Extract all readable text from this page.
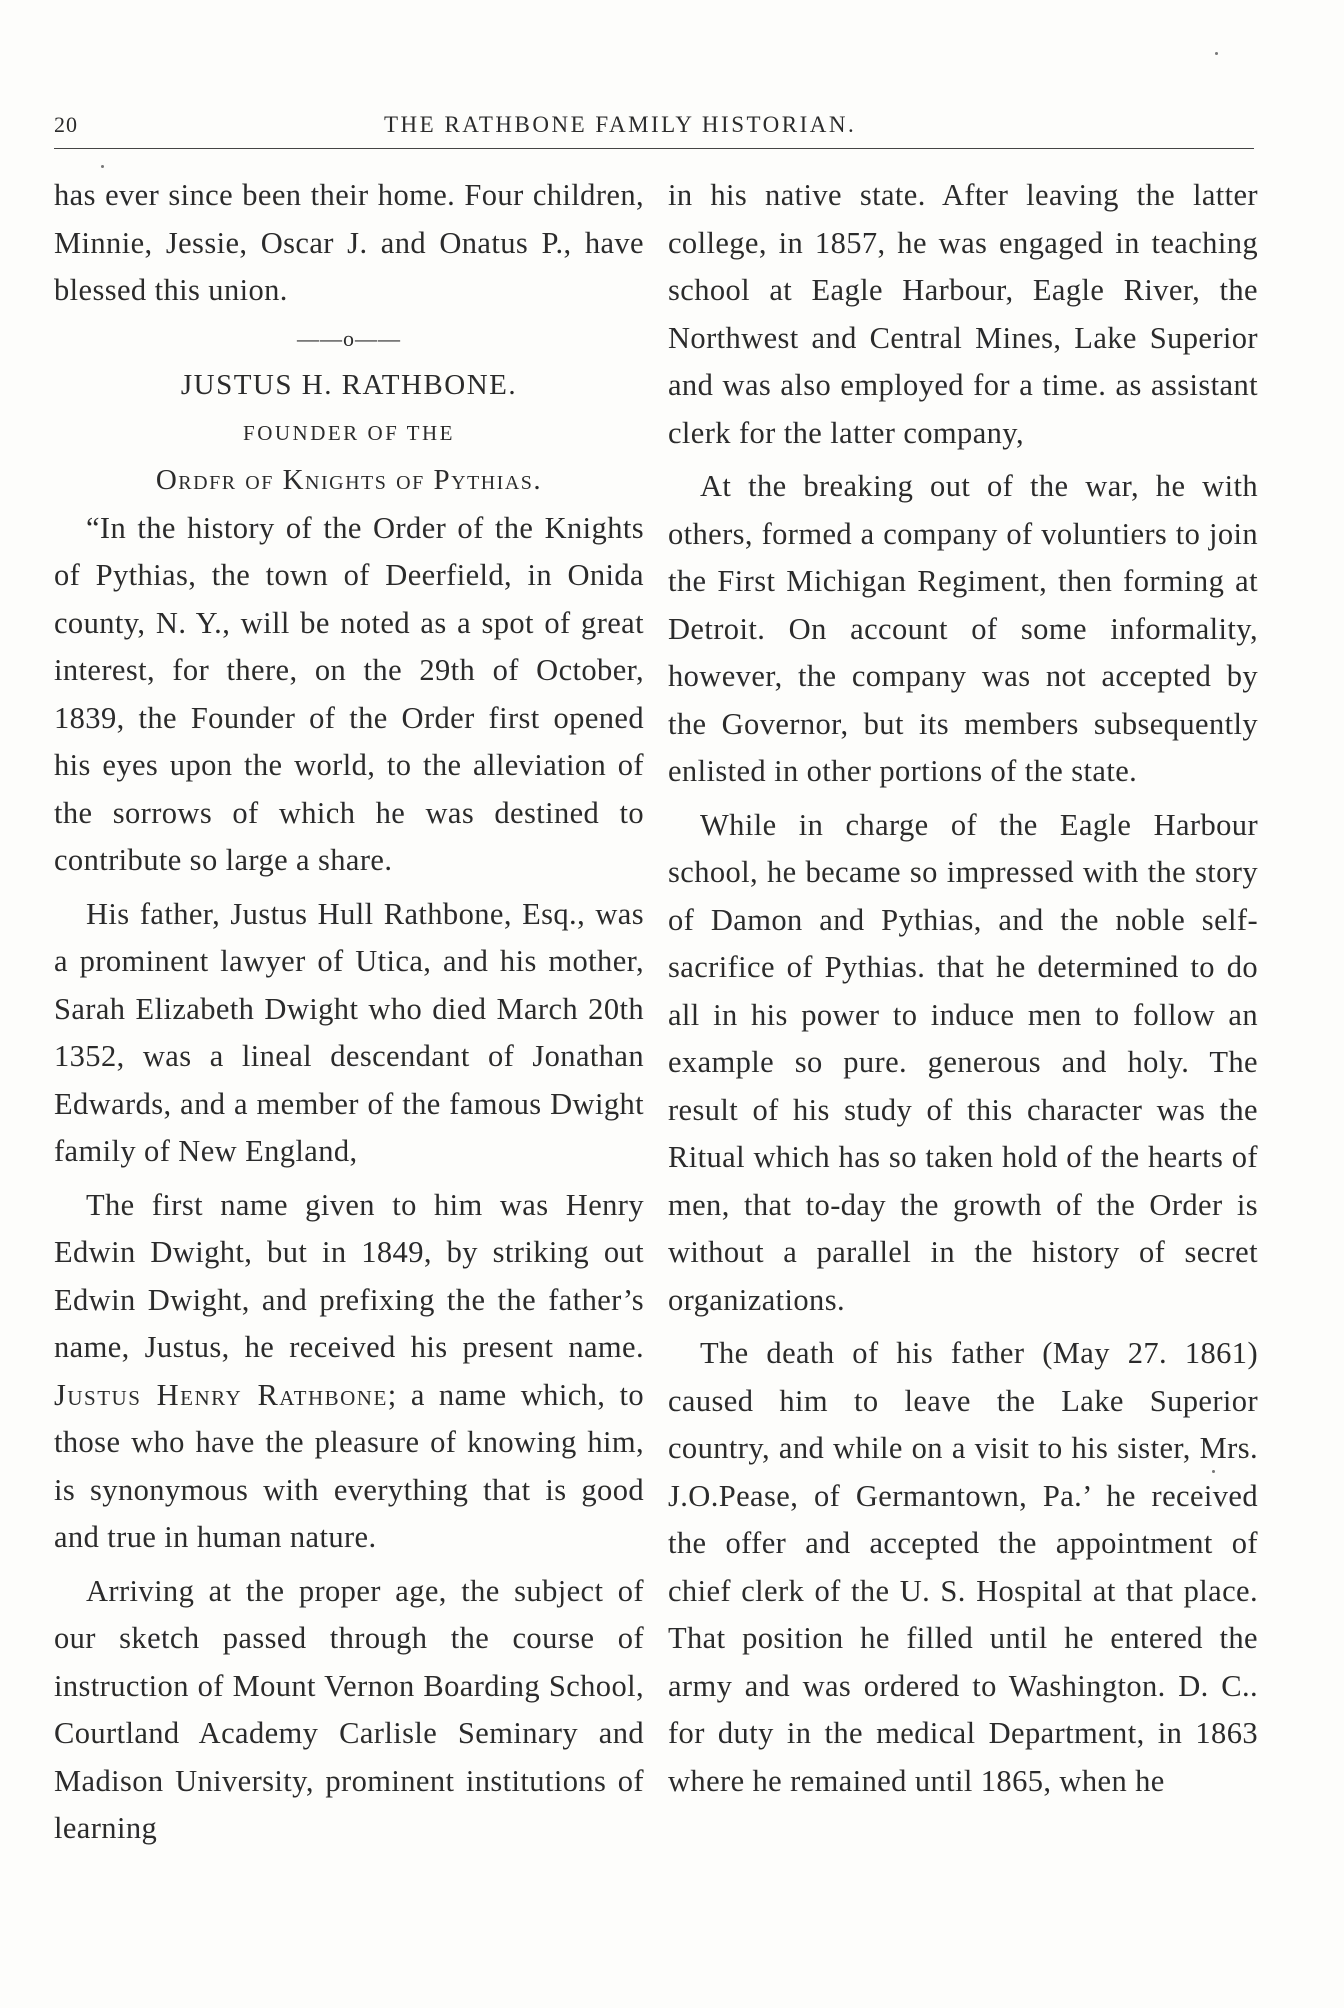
20	THE RATHBONE FAMILY HISTORIAN.

has ever since been their home. Four children, Minnie, Jessie, Oscar J. and Onatus P., have blessed this union.

——o——

JUSTUS H. RATHBONE.

FOUNDER OF THE

Ordfr of Knights of Pythias.

“In the history of the Order of the Knights of Pythias, the town of Deerfield, in Onida county, N. Y., will be noted as a spot of great interest, for there, on the 29th of October, 1839, the Founder of the Order first opened his eyes upon the world, to the alleviation of the sorrows of which he was destined to contribute so large a share.

His father, Justus Hull Rathbone, Esq., was a prominent lawyer of Utica, and his mother, Sarah Elizabeth Dwight who died March 20th 1352, was a lineal descendant of Jonathan Edwards, and a member of the famous Dwight family of New England,

The first name given to him was Henry Edwin Dwight, but in 1849, by striking out Edwin Dwight, and prefixing the the father’s name, Justus, he received his present name. Justus Henry Rathbone; a name which, to those who have the pleasure of knowing him, is synonymous with everything that is good and true in human nature.

Arriving at the proper age, the subject of our sketch passed through the course of instruction of Mount Vernon Boarding School, Courtland Academy Carlisle Seminary and Madison University, prominent institutions of learning

in his native state. After leaving the latter college, in 1857, he was engaged in teaching school at Eagle Harbour, Eagle River, the Northwest and Central Mines, Lake Superior and was also employed for a time. as assistant clerk for the latter company,

At the breaking out of the war, he with others, formed a company of voluntiers to join the First Michigan Regiment, then forming at Detroit. On account of some informality, however, the company was not accepted by the Governor, but its members subsequently enlisted in other portions of the state.

While in charge of the Eagle Harbour school, he became so impressed with the story of Damon and Pythias, and the noble self-sacrifice of Pythias. that he determined to do all in his power to induce men to follow an example so pure. generous and holy. The result of his study of this character was the Ritual which has so taken hold of the hearts of men, that to-day the growth of the Order is without a parallel in the history of secret organizations.

The death of his father (May 27. 1861) caused him to leave the Lake Superior country, and while on a visit to his sister, Mrs. J.O.Pease, of Germantown, Pa.’ he received the offer and accepted the appointment of chief clerk of the U. S. Hospital at that place. That position he filled until he entered the army and was ordered to Washington. D. C.. for duty in the medical Department, in 1863 where he remained until 1865, when he
